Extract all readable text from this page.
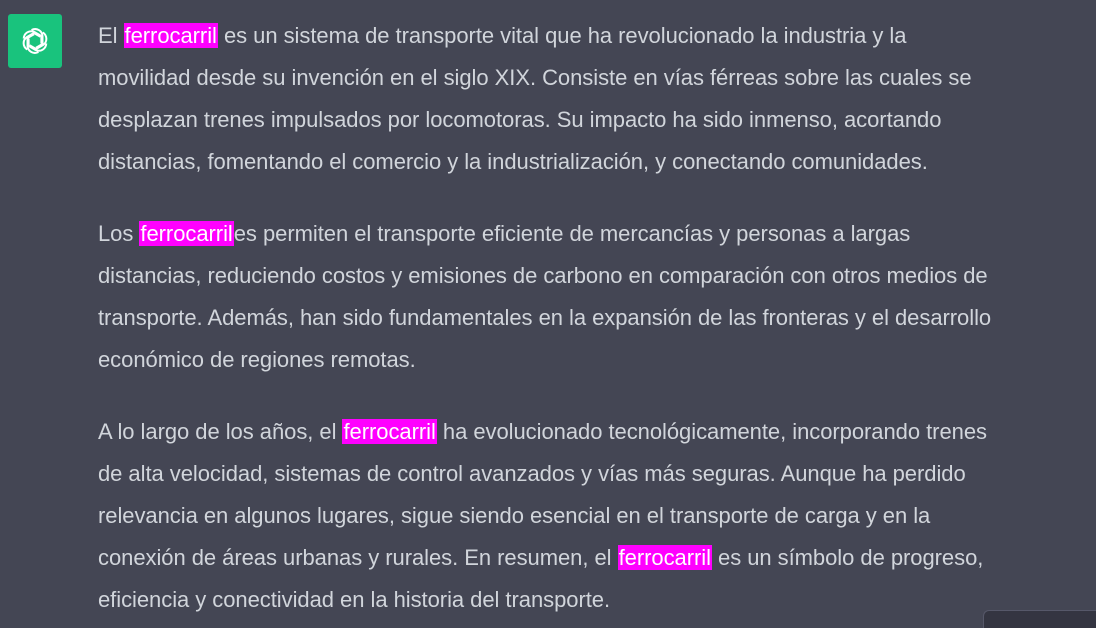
El ferrocarril es un sistema de transporte vital que ha revolucionado la industria y la
movilidad desde su invención en el siglo XIX. Consiste en vías férreas sobre las cuales se
desplazan trenes impulsados por locomotoras. Su impacto ha sido inmenso, acortando
distancias, fomentando el comercio y la industrialización, y conectando comunidades.

Los ferrocarriles permiten el transporte eficiente de mercancías y personas a largas
distancias, reduciendo costos y emisiones de carbono en comparación con otros medios de
transporte. Además, han sido fundamentales en la expansión de las fronteras y el desarrollo
económico de regiones remotas.

A lo largo de los años, el ferrocarril ha evolucionado tecnológicamente, incorporando trenes
de alta velocidad, sistemas de control avanzados y vías más seguras. Aunque ha perdido
relevancia en algunos lugares, sigue siendo esencial en el transporte de carga y en la
conexión de áreas urbanas y rurales. En resumen, el ferrocarril es un símbolo de progreso,
eficiencia y conectividad en la historia del transporte.
